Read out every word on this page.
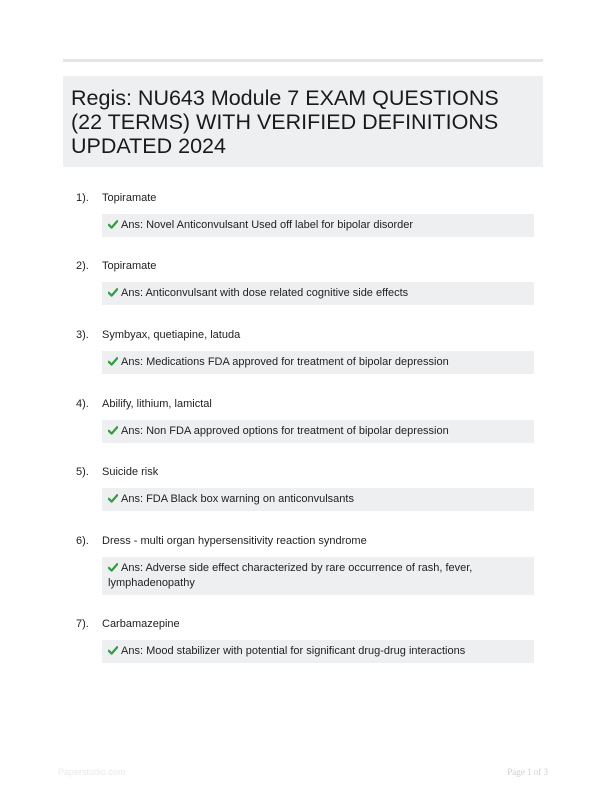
Regis: NU643 Module 7 EXAM QUESTIONS (22 TERMS) WITH VERIFIED DEFINITIONS UPDATED 2024
1). Topiramate
Ans: Novel Anticonvulsant Used off label for bipolar disorder
2). Topiramate
Ans: Anticonvulsant with dose related cognitive side effects
3). Symbyax, quetiapine, latuda
Ans: Medications FDA approved for treatment of bipolar depression
4). Abilify, lithium, lamictal
Ans: Non FDA approved options for treatment of bipolar depression
5). Suicide risk
Ans: FDA Black box warning on anticonvulsants
6). Dress - multi organ hypersensitivity reaction syndrome
Ans: Adverse side effect characterized by rare occurrence of rash, fever, lymphadenopathy
7). Carbamazepine
Ans: Mood stabilizer with potential for significant drug-drug interactions
Paperstudio.com	Page 1 of 3
